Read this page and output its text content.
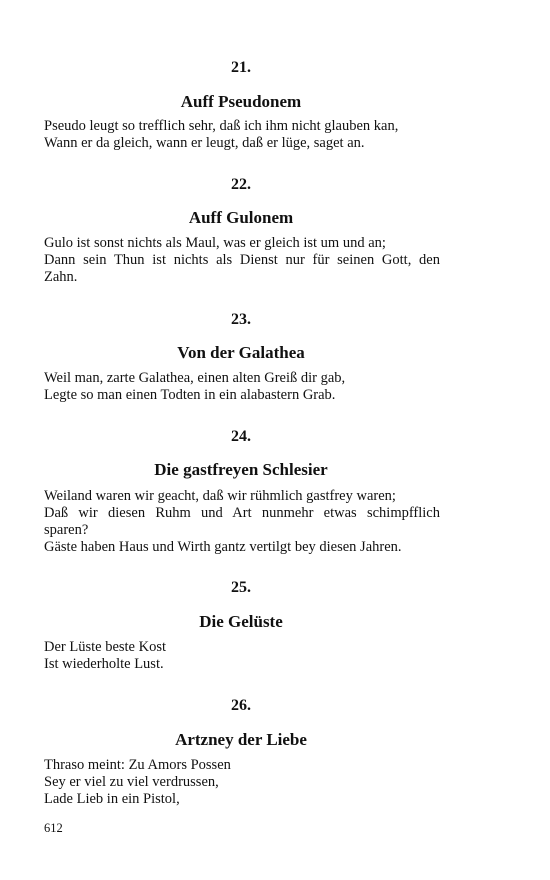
21.

Auff Pseudonem

Pseudo leugt so trefflich sehr, daß ich ihm nicht glauben kan,
Wann er da gleich, wann er leugt, daß er lüge, saget an.

22.

Auff Gulonem

Gulo ist sonst nichts als Maul, was er gleich ist um und an;
Dann sein Thun ist nichts als Dienst nur für seinen Gott, den
Zahn.

23.

Von der Galathea

Weil man, zarte Galathea, einen alten Greiß dir gab,
Legte so man einen Todten in ein alabastern Grab.

24.

Die gastfreyen Schlesier

Weiland waren wir geacht, daß wir rühmlich gastfrey waren;
Daß wir diesen Ruhm und Art nunmehr etwas schimpfflich
sparen?
Gäste haben Haus und Wirth gantz vertilgt bey diesen Jahren.

25.

Die Gelüste

Der Lüste beste Kost
Ist wiederholte Lust.

26.

Artzney der Liebe

Thraso meint: Zu Amors Possen
Sey er viel zu viel verdrussen,
Lade Lieb in ein Pistol,

612
